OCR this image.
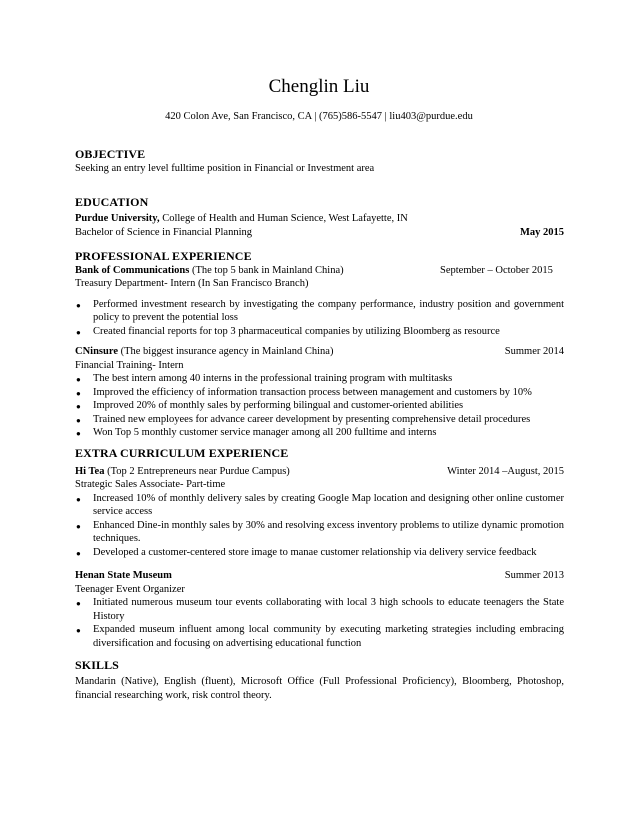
Chenglin Liu
420 Colon Ave, San Francisco, CA | (765)586-5547 | liu403@purdue.edu
OBJECTIVE
Seeking an entry level fulltime position in Financial or Investment area
EDUCATION
Purdue University, College of Health and Human Science, West Lafayette, IN
Bachelor of Science in Financial Planning	May 2015
PROFESSIONAL EXPERIENCE
Bank of Communications (The top 5 bank in Mainland China)	September – October 2015
Treasury Department- Intern (In San Francisco Branch)
● Performed investment research by investigating the company performance, industry position and government policy to prevent the potential loss
● Created financial reports for top 3 pharmaceutical companies by utilizing Bloomberg as resource
CNinsure (The biggest insurance agency in Mainland China)	Summer 2014
Financial Training- Intern
● The best intern among 40 interns in the professional training program with multitasks
● Improved the efficiency of information transaction process between management and customers by 10%
● Improved 20% of monthly sales by performing bilingual and customer-oriented abilities
● Trained new employees for advance career development by presenting comprehensive detail procedures
● Won Top 5 monthly customer service manager among all 200 fulltime and interns
EXTRA CURRICULUM EXPERIENCE
Hi Tea (Top 2 Entrepreneurs near Purdue Campus)	Winter 2014 –August, 2015
Strategic Sales Associate- Part-time
● Increased 10% of monthly delivery sales by creating Google Map location and designing other online customer service access
● Enhanced Dine-in monthly sales by 30% and resolving excess inventory problems to utilize dynamic promotion techniques.
● Developed a customer-centered store image to manae customer relationship via delivery service feedback
Henan State Museum	Summer 2013
Teenager Event Organizer
● Initiated numerous museum tour events collaborating with local 3 high schools to educate teenagers the State History
● Expanded museum influent among local community by executing marketing strategies including embracing diversification and focusing on advertising educational function
SKILLS
Mandarin (Native), English (fluent), Microsoft Office (Full Professional Proficiency), Bloomberg, Photoshop, financial researching work, risk control theory.
